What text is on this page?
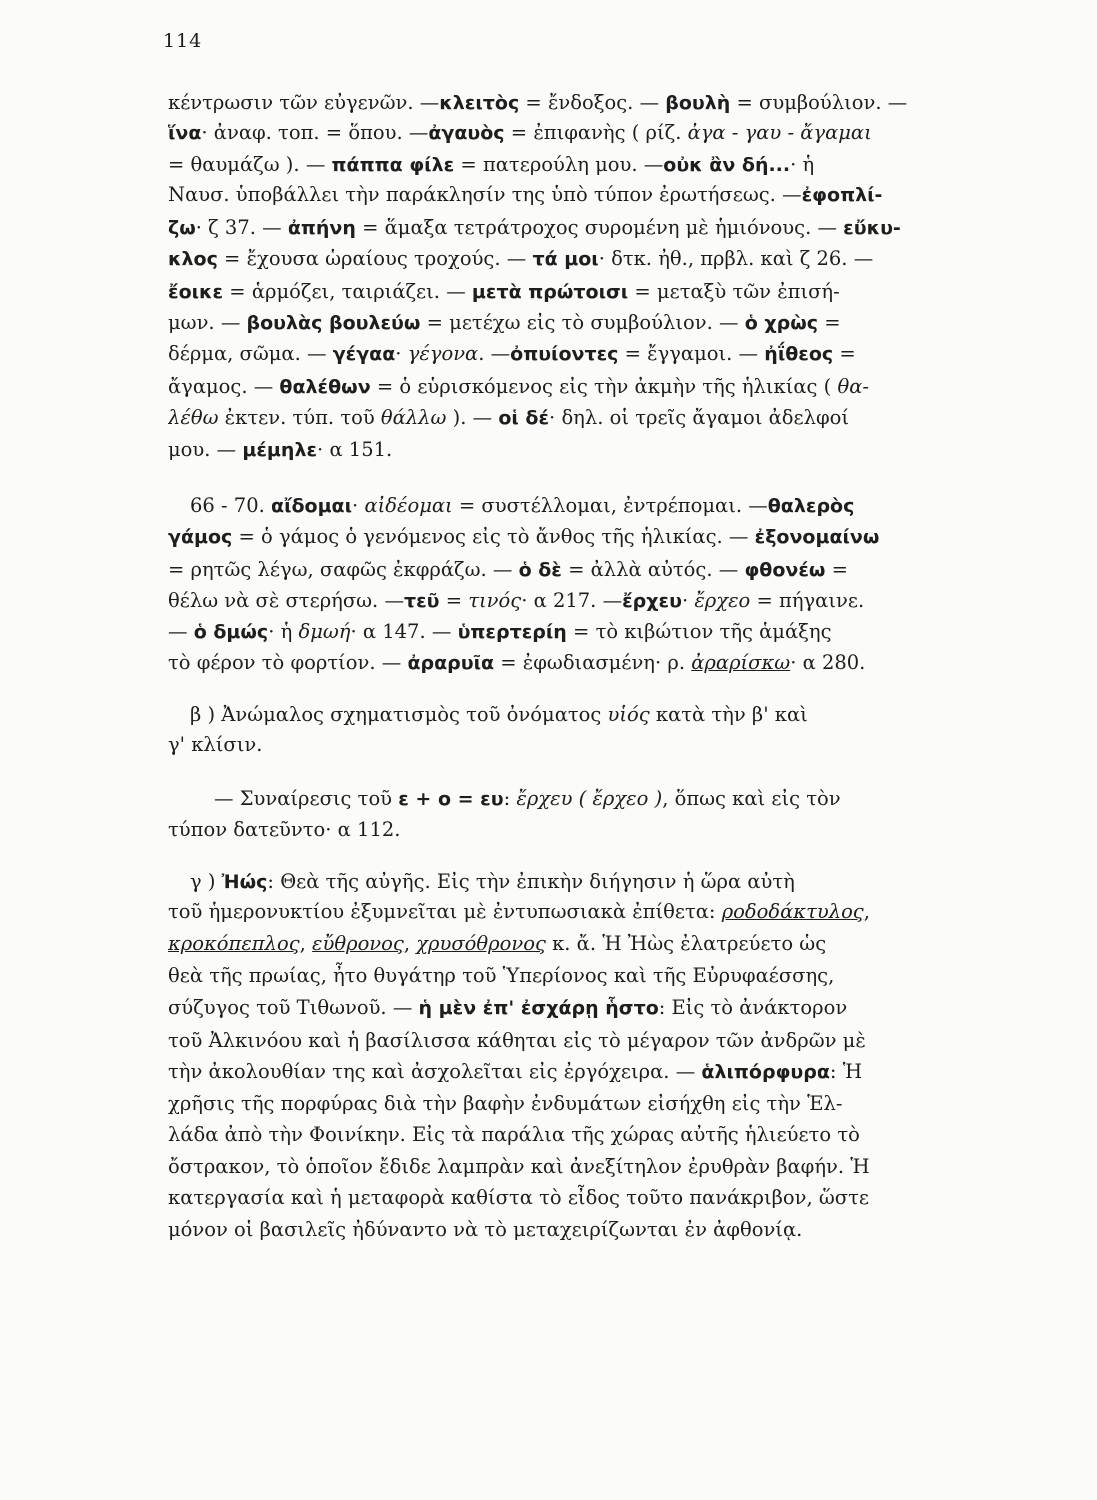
114
κέντρωσιν τῶν εὐγενῶν. —κλειτὸς = ἔνδοξος. — βουλὴ = συμβούλιον. —
ἵνα· ἀναφ. τοπ. = ὅπου. —ἀγαυὸς = ἐπιφανὴς ( ρίζ. ἀγα - γαυ - ἄγαμαι
= θαυμάζω ). — πάππα φίλε = πατερούλη μου. —οὐκ ἂν δή...· ἡ
Ναυσ. ὑποβάλλει τὴν παράκλησίν της ὑπὸ τύπον ἐρωτήσεως. —ἐφοπλί-
ζω· ζ 37. — ἀπήνη = ἅμαξα τετράτροχος συρομένη μὲ ἡμιόνους. — εὔκυ-
κλος = ἔχουσα ὡραίους τροχούς. — τά μοι· δτκ. ἠθ., πρβλ. καὶ ζ 26. —
ἔοικε = ἁρμόζει, ταιριάζει. — μετὰ πρώτοισι = μεταξὺ τῶν ἐπισή-
μων. — βουλὰς βουλεύω = μετέχω εἰς τὸ συμβούλιον. — ὁ χρὼς =
δέρμα, σῶμα. — γέγαα· γέγονα. —ὀπυίοντες = ἔγγαμοι. — ἠΐθεος =
ἄγαμος. — θαλέθων = ὁ εὑρισκόμενος εἰς τὴν ἀκμὴν τῆς ἡλικίας ( θα-
λέθω ἐκτεν. τύπ. τοῦ θάλλω ). — οἱ δέ· δηλ. οἱ τρεῖς ἄγαμοι ἀδελφοί
μου. — μέμηλε· α 151.
66 - 70. αἴδομαι· αἰδέομαι = συστέλλομαι, ἐντρέπομαι. —θαλερὸς
γάμος = ὁ γάμος ὁ γενόμενος εἰς τὸ ἄνθος τῆς ἡλικίας. — ἐξονομαίνω
= ρητῶς λέγω, σαφῶς ἐκφράζω. — ὁ δὲ = ἀλλὰ αὐτός. — φθονέω =
θέλω νὰ σὲ στερήσω. —τεῦ = τινός· α 217. —ἔρχευ· ἔρχεο = πήγαινε.
— ὁ δμώς· ἡ δμωή· α 147. — ὑπερτερίη = τὸ κιβώτιον τῆς ἁμάξης
τὸ φέρον τὸ φορτίον. — ἀραρυῖα = ἐφωδιασμένη· ρ. ἀραρίσκω· α 280.
β ) Ἀνώμαλος σχηματισμὸς τοῦ ὀνόματος υἱός κατὰ τὴν β' καὶ
γ' κλίσιν.
— Συναίρεσις τοῦ ε + ο = ευ: ἔρχευ ( ἔρχεο ), ὅπως καὶ εἰς τὸν
τύπον δατεῦντο· α 112.
γ ) Ἠώς: Θεὰ τῆς αὐγῆς. Εἰς τὴν ἐπικὴν διήγησιν ἡ ὥρα αὐτὴ
τοῦ ἡμερονυκτίου ἐξυμνεῖται μὲ ἐντυπωσιακὰ ἐπίθετα: ροδοδάκτυλος,
κροκόπεπλος, εὔθρονος, χρυσόθρονος κ. ἄ. Ἡ Ἠὼς ἐλατρεύετο ὡς
θεὰ τῆς πρωίας, ἦτο θυγάτηρ τοῦ Ὑπερίονος καὶ τῆς Εὐρυφαέσσης,
σύζυγος τοῦ Τιθωνοῦ. — ἡ μὲν ἐπ' ἐσχάρῃ ἧστο: Εἰς τὸ ἀνάκτορον
τοῦ Ἀλκινόου καὶ ἡ βασίλισσα κάθηται εἰς τὸ μέγαρον τῶν ἀνδρῶν μὲ
τὴν ἀκολουθίαν της καὶ ἀσχολεῖται εἰς ἐργόχειρα. — ἁλιπόρφυρα: Ἡ
χρῆσις τῆς πορφύρας διὰ τὴν βαφὴν ἐνδυμάτων εἰσήχθη εἰς τὴν Ἑλ-
λάδα ἀπὸ τὴν Φοινίκην. Εἰς τὰ παράλια τῆς χώρας αὐτῆς ἡλιεύετο τὸ
ὄστρακον, τὸ ὁποῖον ἔδιδε λαμπρὰν καὶ ἀνεξίτηλον ἐρυθρὰν βαφήν. Ἡ
κατεργασία καὶ ἡ μεταφορὰ καθίστα τὸ εἶδος τοῦτο πανάκριβον, ὥστε
μόνον οἱ βασιλεῖς ἠδύναντο νὰ τὸ μεταχειρίζωνται ἐν ἀφθονίᾳ.
